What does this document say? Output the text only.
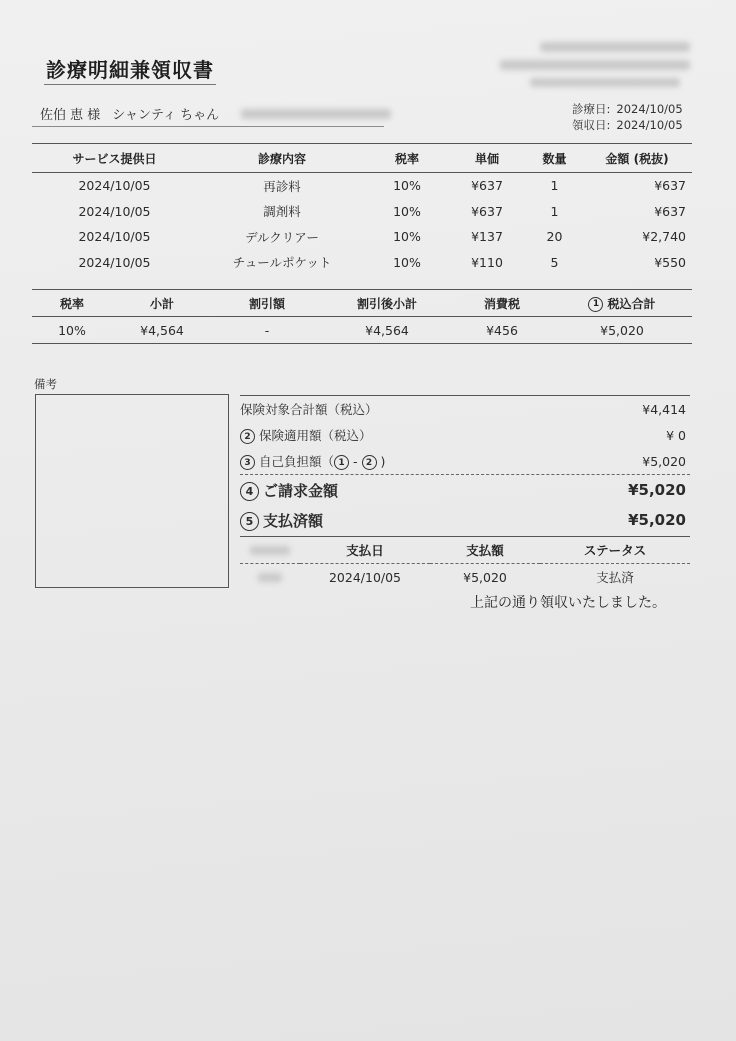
診療明細兼領収書
佐伯 恵 様 シャンティ ちゃん	診療日: 2024/10/05
領収日: 2024/10/05
サービス提供日	診療内容	税率	単価	数量	金額 (税抜)
2024/10/05	再診料	10%	¥637	1	¥637
2024/10/05	調剤料	10%	¥637	1	¥637
2024/10/05	デルクリアー	10%	¥137	20	¥2,740
2024/10/05	チュールポケット	10%	¥110	5	¥550
税率	小計	割引額	割引後小計	消費税	1 税込合計
10%	¥4,564	-	¥4,564	¥456	¥5,020
備考
保険対象合計額（税込）	¥4,414
2 保険適用額（税込）	¥ 0
3 自己負担額（ 1 - 2 )	¥5,020
4 ご請求金額	¥5,020
5 支払済額	¥5,020
	支払日	支払額	ステータス
	2024/10/05	¥5,020	支払済
上記の通り領収いたしました。
